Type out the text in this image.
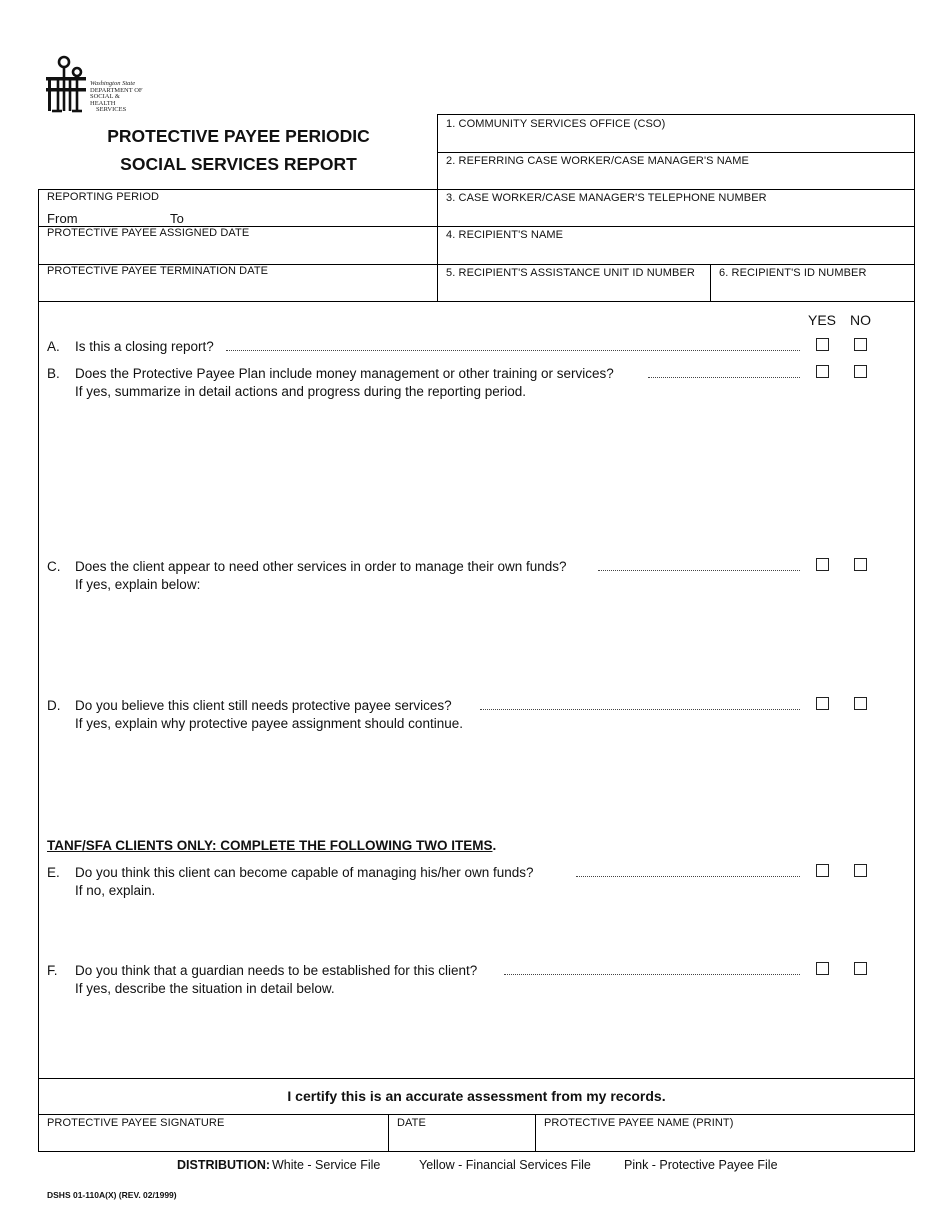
Washington State
DEPARTMENT OF
SOCIAL & HEALTH
SERVICES
PROTECTIVE PAYEE PERIODIC
SOCIAL SERVICES REPORT
1. COMMUNITY SERVICES OFFICE (CSO)
2. REFERRING CASE WORKER/CASE MANAGER'S NAME
REPORTING PERIOD
From	To
3. CASE WORKER/CASE MANAGER'S TELEPHONE NUMBER
PROTECTIVE PAYEE ASSIGNED DATE	4. RECIPIENT'S NAME
PROTECTIVE PAYEE TERMINATION DATE	5. RECIPIENT'S ASSISTANCE UNIT ID NUMBER 6. RECIPIENT'S ID NUMBER
YES NO
A. Is this a closing report?
B. Does the Protective Payee Plan include money management or other training or services?
If yes, summarize in detail actions and progress during the reporting period.
C. Does the client appear to need other services in order to manage their own funds?
If yes, explain below:
D. Do you believe this client still needs protective payee services?
If yes, explain why protective payee assignment should continue.
TANF/SFA CLIENTS ONLY: COMPLETE THE FOLLOWING TWO ITEMS.
E. Do you think this client can become capable of managing his/her own funds?
If no, explain.
F. Do you think that a guardian needs to be established for this client?
If yes, describe the situation in detail below.
I certify this is an accurate assessment from my records.
PROTECTIVE PAYEE SIGNATURE	DATE	PROTECTIVE PAYEE NAME (PRINT)
DISTRIBUTION: White - Service File	Yellow - Financial Services File	Pink - Protective Payee File
DSHS 01-110A(X) (REV. 02/1999)
